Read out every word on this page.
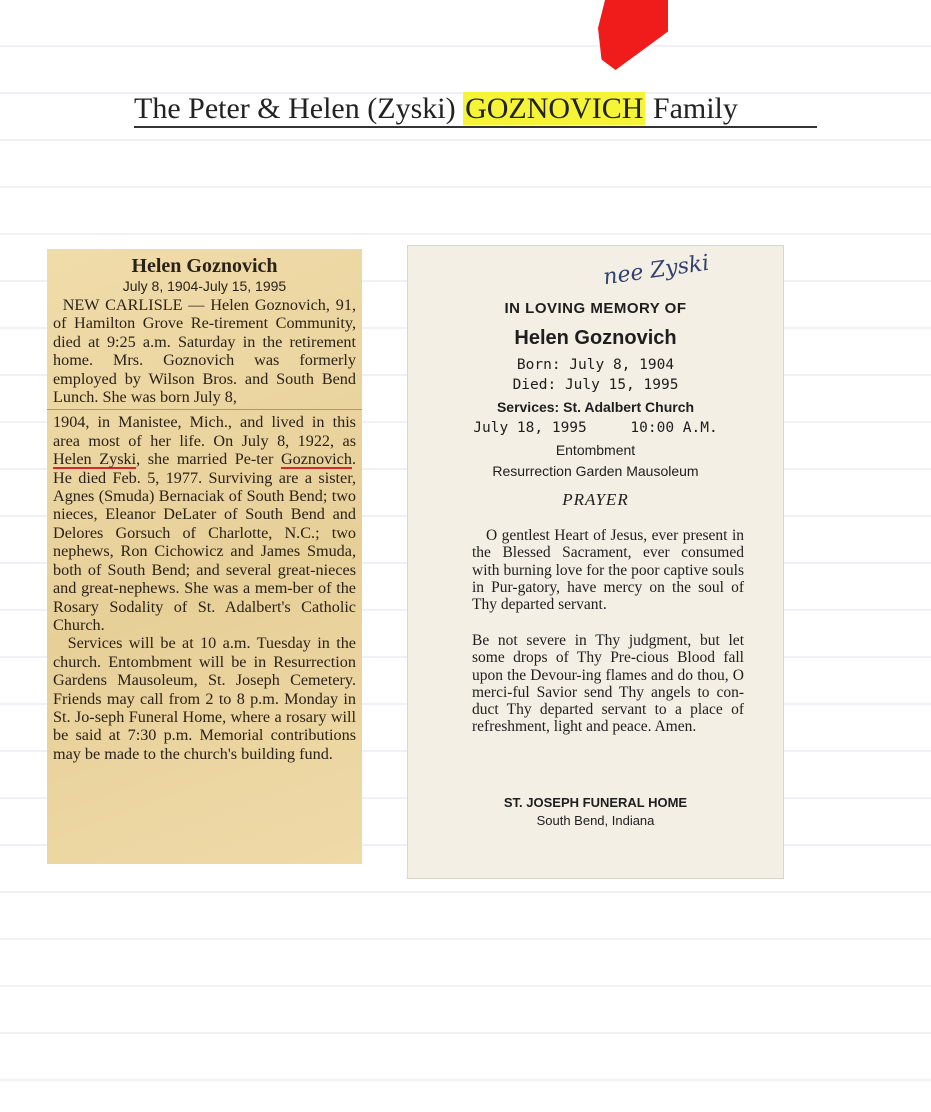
The Peter & Helen (Zyski) GOZNOVICH Family
Helen Goznovich
July 8, 1904-July 15, 1995

NEW CARLISLE — Helen Goznovich, 91, of Hamilton Grove Re-tirement Community, died at 9:25 a.m. Saturday in the retirement home. Mrs. Goznovich was formerly employed by Wilson Bros. and South Bend Lunch. She was born July 8,

1904, in Manistee, Mich., and lived in this area most of her life. On July 8, 1922, as Helen Zyski, she married Pe-ter Goznovich. He died Feb. 5, 1977. Surviving are a sister, Agnes (Smuda) Bernaciak of South Bend; two nieces, Eleanor DeLater of South Bend and Delores Gorsuch of Charlotte, N.C.; two nephews, Ron Cichowicz and James Smuda, both of South Bend; and several great-nieces and great-nephews. She was a mem-ber of the Rosary Sodality of St. Adalbert's Catholic Church.

Services will be at 10 a.m. Tuesday in the church. Entombment will be in Resurrection Gardens Mausoleum, St. Joseph Cemetery. Friends may call from 2 to 8 p.m. Monday in St. Jo-seph Funeral Home, where a rosary will be said at 7:30 p.m. Memorial contributions may be made to the church's building fund.

nee Zyski
IN LOVING MEMORY OF
Helen Goznovich
Born: July 8, 1904
Died: July 15, 1995
Services: St. Adalbert Church
July 18, 1995     10:00 A.M.
Entombment
Resurrection Garden Mausoleum
PRAYER

O gentlest Heart of Jesus, ever present in the Blessed Sacrament, ever consumed with burning love for the poor captive souls in Pur-gatory, have mercy on the soul of Thy departed servant.

Be not severe in Thy judgment, but let some drops of Thy Pre-cious Blood fall upon the Devour-ing flames and do thou, O merci-ful Savior send Thy angels to con-duct Thy departed servant to a place of refreshment, light and peace. Amen.

ST. JOSEPH FUNERAL HOME
South Bend, Indiana
